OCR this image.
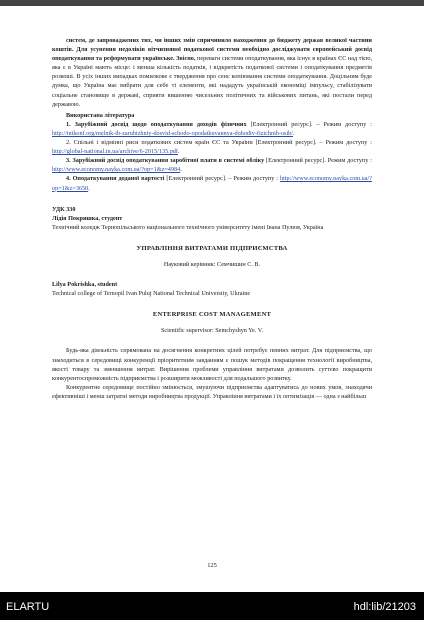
систем, де запроваджених тих, чи інших змін спричинило находження до бюджету держав великої частини коштів. Для усунення недоліків вітчизняної податкової системи необхідно досліджувати європейський досвід оподаткування та реформувати українське. Звісно, переваги системи оподаткування, яка існує в країнах ЄС над тією, яка є в Україні мають місце: і менша кількість податків, і відкритість податкової системи і оподаткування предметів розкоші. В усіх інших випадках помилкове є твердження про сенс копіювання системи оподаткування. Доцільним буде думка, що Україна має вибрати для себе ті елементи, які нададуть українській економіці імпульсу, стабілізувати соціальне становище в державі, сприяти вишенню чисельних політичних та військових питань, які постали перед державою.

Використана література

1. Зарубіжний досвід щодо оподаткування доходів фізичних [Електронний ресурс]. – Режим доступу : http://intkonf.org/melnik-ib-zarubizhniy-dosvid-schodo-opodatkuvannya-dohodiv-fizichnih-osib/.

2. Спільні і відмінні риси податкових систем країн ЄС та України [Електронний ресурс]. – Режим доступу : http://global-national.in.ua/archive/6-2015/135.pdf.

3. Зарубіжний досвід оподаткування заробітної плати в системі обліку [Електронний ресурс]. Режим доступу : http://www.economy.nayka.com.ua/?op=1&z=4984.

4. Оподаткування доданої вартості [Електронний ресурс]. – Режим доступу : http://www.economy.nayka.com.ua/?op=1&z=3650.

УДК 330
Лідія Покришка, студент
Технічний коледж Тернопільського національного технічного університету імені Івана Пулюя, Україна
УПРАВЛІННЯ ВИТРАТАМИ ПІДПРИЄМСТВА

Науковий керівник: Семчишин С. В.

Lilya Pokrishka, student
Technical college of Ternopil Ivan Puluj National Technical University, Ukraine
ENTERPRISE COST MANAGEMENT

Scientific supervisor: Semchyshyn Ye. V.

Будь-яка діяльність спрямована на досягнення конкретних цілей потребує певних витрат. Для підприємства, що знаходиться в середовищі конкуренції пріоритетним завданням є пошук методів покращення технології виробництва, якості товару та зменшення витрат. Вирішення проблеми управління витратами дозволить суттєво покращити конкурентоспроможність підприємства і розширити можливості для подальшого розвитку.

Конкурентне середовище постійно змінюється, змушуючи підприємства адаптуватись до нових умов, знаходячи ефективніші і менш затратні методи виробництва продукції. Управління витратами і їх оптимізація — одна з найбільш

125
ELARTU	hdl:lib/21203
